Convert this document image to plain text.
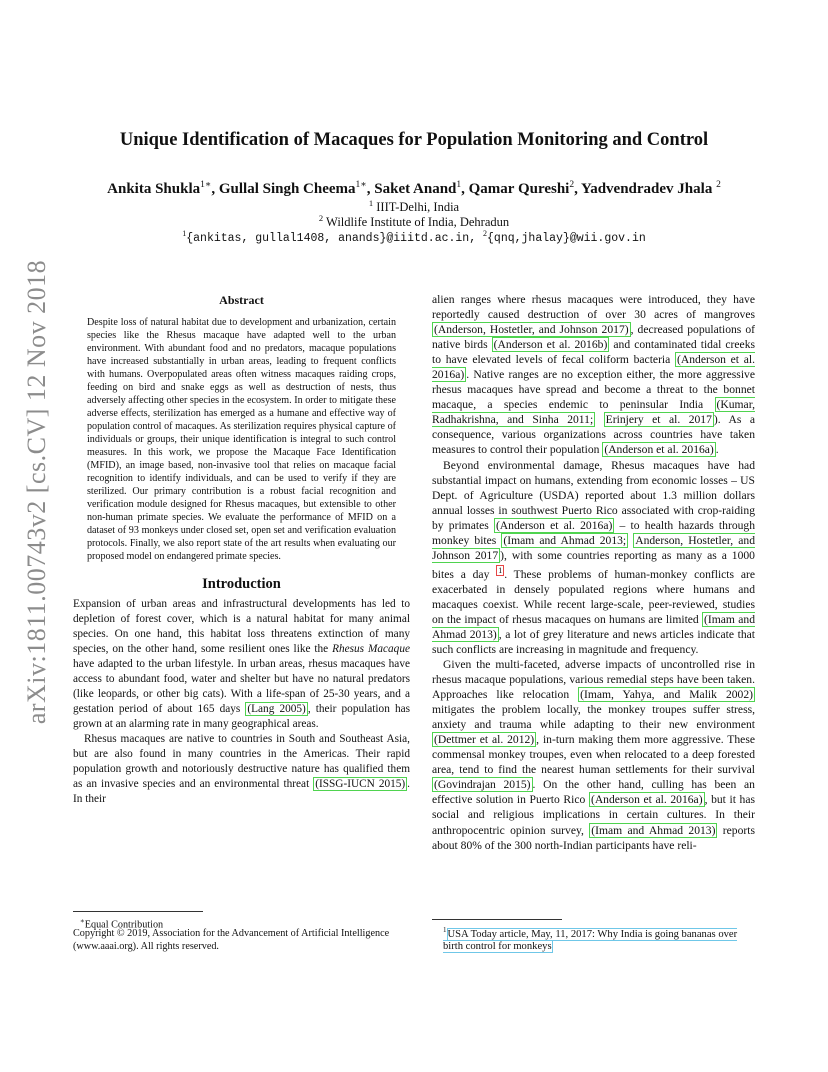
arXiv:1811.00743v2 [cs.CV] 12 Nov 2018
Unique Identification of Macaques for Population Monitoring and Control
Ankita Shukla$^{1∗}$, Gullal Singh Cheema$^{1∗}$, Saket Anand$^1$, Qamar Qureshi$^2$, Yadvendradev Jhala $^2$
$^1$ IIIT-Delhi, India
$^2$ Wildlife Institute of India, Dehradun
$^1${ankitas, gullal1408, anands}@iiitd.ac.in, $^2${qnq,jhalay}@wii.gov.in
Abstract

Despite loss of natural habitat due to development and urbanization, certain species like the Rhesus macaque have adapted well to the urban environment. With abundant food and no predators, macaque populations have increased substantially in urban areas, leading to frequent conflicts with humans. Overpopulated areas often witness macaques raiding crops, feeding on bird and snake eggs as well as destruction of nests, thus adversely affecting other species in the ecosystem. In order to mitigate these adverse effects, sterilization has emerged as a humane and effective way of population control of macaques. As sterilization requires physical capture of individuals or groups, their unique identification is integral to such control measures. In this work, we propose the Macaque Face Identification (MFID), an image based, non-invasive tool that relies on macaque facial recognition to identify individuals, and can be used to verify if they are sterilized. Our primary contribution is a robust facial recognition and verification module designed for Rhesus macaques, but extensible to other non-human primate species. We evaluate the performance of MFID on a dataset of 93 monkeys under closed set, open set and verification evaluation protocols. Finally, we also report state of the art results when evaluating our proposed model on endangered primate species.

Introduction

Expansion of urban areas and infrastructural developments has led to depletion of forest cover, which is a natural habitat for many animal species. On one hand, this habitat loss threatens extinction of many species, on the other hand, some resilient ones like the Rhesus Macaque have adapted to the urban lifestyle. In urban areas, rhesus macaques have access to abundant food, water and shelter but have no natural predators (like leopards, or other big cats). With a life-span of 25-30 years, and a gestation period of about 165 days (Lang 2005) , their population has grown at an alarming rate in many geographical areas.

Rhesus macaques are native to countries in South and Southeast Asia, but are also found in many countries in the Americas. Their rapid population growth and notoriously destructive nature has qualified them as an invasive species and an environmental threat (ISSG-IUCN 2015) . In their

alien ranges where rhesus macaques were introduced, they have reportedly caused destruction of over 30 acres of mangroves (Anderson, Hostetler, and Johnson 2017) , decreased populations of native birds (Anderson et al. 2016b) and contaminated tidal creeks to have elevated levels of fecal coliform bacteria (Anderson et al. 2016a) . Native ranges are no exception either, the more aggressive rhesus macaques have spread and become a threat to the bonnet macaque, a species endemic to peninsular India (Kumar, Radhakrishna, and Sinha 2011; Erinjery et al. 2017 ). As a consequence, various organizations across countries have taken measures to control their population (Anderson et al. 2016a) .

Beyond environmental damage, Rhesus macaques have had substantial impact on humans, extending from economic losses – US Dept. of Agriculture (USDA) reported about 1.3 million dollars annual losses in southwest Puerto Rico associated with crop-raiding by primates (Anderson et al. 2016a) – to health hazards through monkey bites (Imam and Ahmad 2013; Anderson, Hostetler, and Johnson 2017 ), with some countries reporting as many as a 1000 bites a day $^1$ . These problems of human-monkey conflicts are exacerbated in densely populated regions where humans and macaques coexist. While recent large-scale, peer-reviewed, studies on the impact of rhesus macaques on humans are limited (Imam and Ahmad 2013) , a lot of grey literature and news articles indicate that such conflicts are increasing in magnitude and frequency.

Given the multi-faceted, adverse impacts of uncontrolled rise in rhesus macaque populations, various remedial steps have been taken. Approaches like relocation (Imam, Yahya, and Malik 2002) mitigates the problem locally, the monkey troupes suffer stress, anxiety and trauma while adapting to their new environment (Dettmer et al. 2012) , in-turn making them more aggressive. These commensal monkey troupes, even when relocated to a deep forested area, tend to find the nearest human settlements for their survival (Govindrajan 2015) . On the other hand, culling has been an effective solution in Puerto Rico (Anderson et al. 2016a) , but it has social and religious implications in certain cultures. In their anthropocentric opinion survey, (Imam and Ahmad 2013) reports about 80% of the 300 north-Indian participants have reli-

∗Equal Contribution
Copyright © 2019, Association for the Advancement of Artificial Intelligence (www.aaai.org). All rights reserved.
$^1$USA Today article, May, 11, 2017: Why India is going bananas over birth control for monkeys
